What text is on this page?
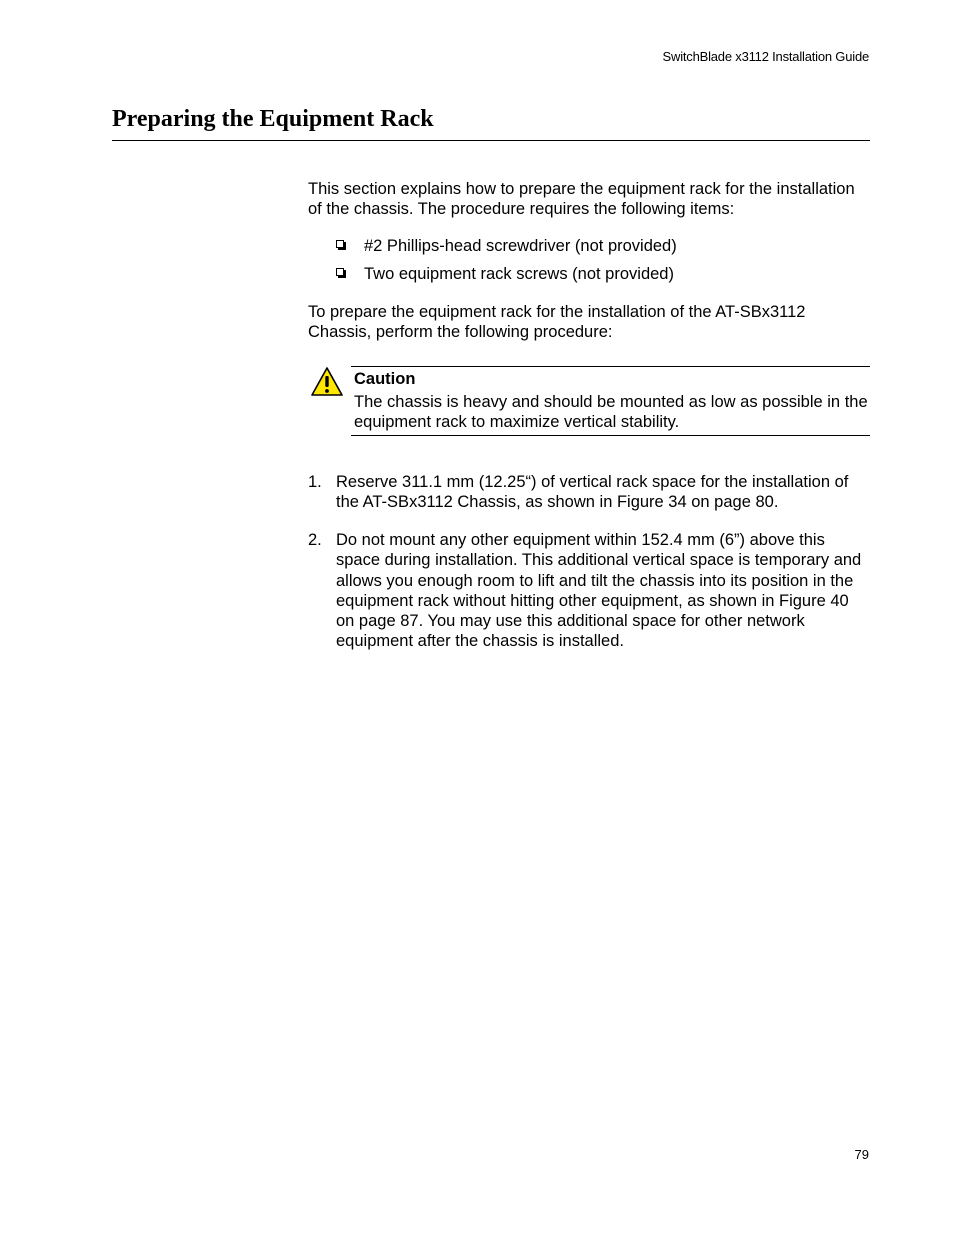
SwitchBlade x3112 Installation Guide
Preparing the Equipment Rack

This section explains how to prepare the equipment rack for the installation of the chassis. The procedure requires the following items:

#2 Phillips-head screwdriver (not provided)
Two equipment rack screws (not provided)

To prepare the equipment rack for the installation of the AT-SBx3112 Chassis, perform the following procedure:

Caution
The chassis is heavy and should be mounted as low as possible in the equipment rack to maximize vertical stability.
1. Reserve 311.1 mm (12.25“) of vertical rack space for the installation of the AT-SBx3112 Chassis, as shown in Figure 34 on page 80.

2. Do not mount any other equipment within 152.4 mm (6”) above this space during installation. This additional vertical space is temporary and allows you enough room to lift and tilt the chassis into its position in the equipment rack without hitting other equipment, as shown in Figure 40 on page 87. You may use this additional space for other network equipment after the chassis is installed.

79
